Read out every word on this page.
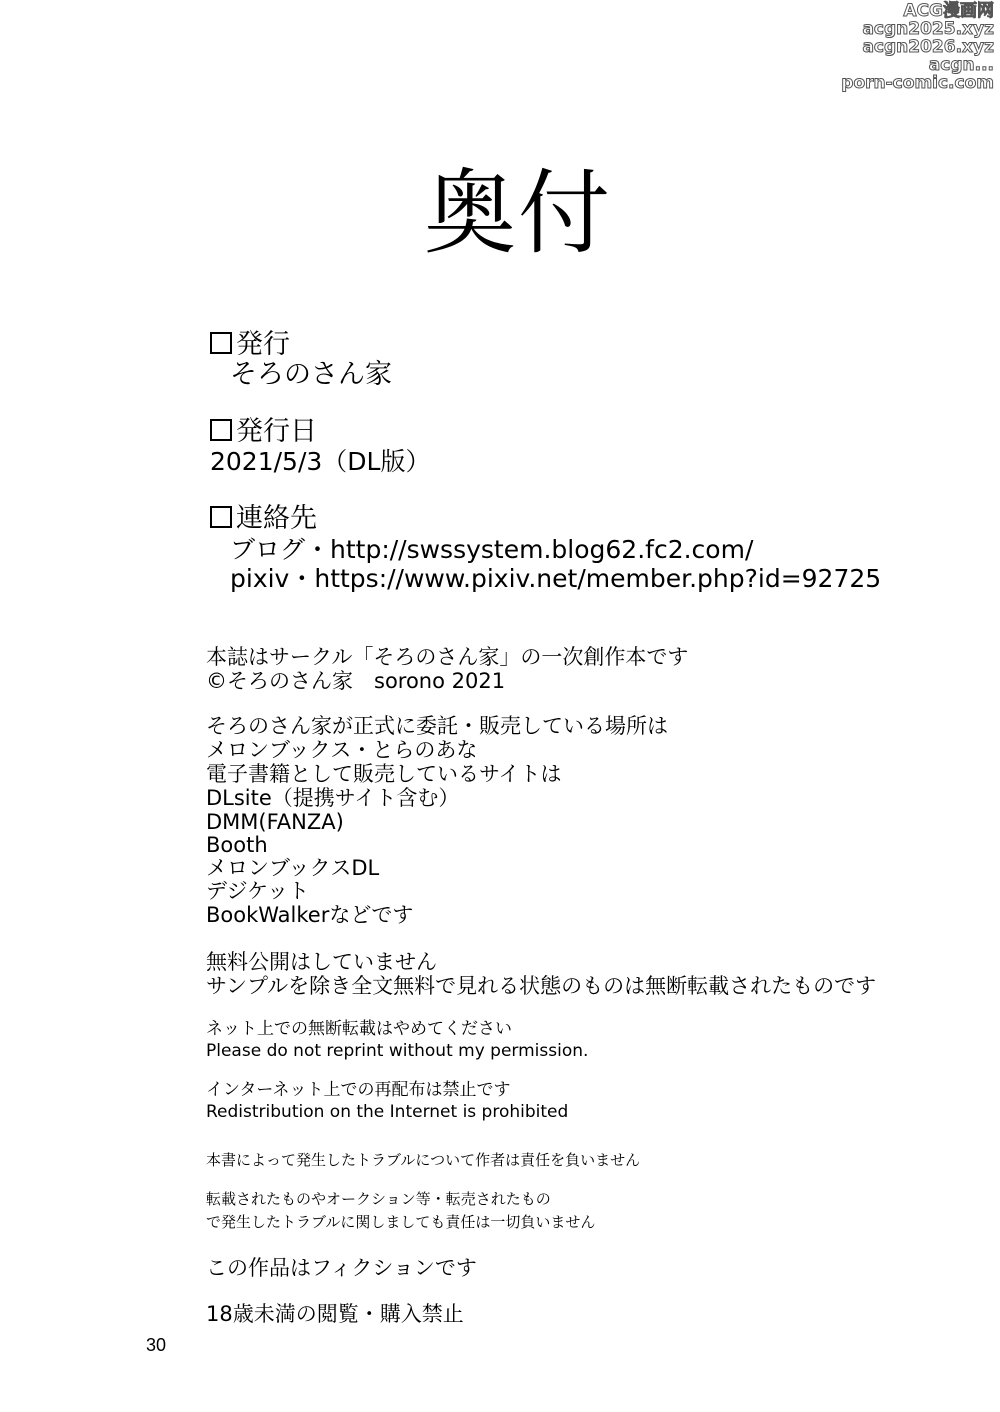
ACG漫画网
acgn2025.xyz
acgn2026.xyz
acgn...
porn-comic.com
奥付
発行
そろのさん家
発行日
2021/5/3（DL版）
連絡先
ブログ・http://swssystem.blog62.fc2.com/
pixiv・https://www.pixiv.net/member.php?id=92725
本誌はサークル「そろのさん家」の一次創作本です
©そろのさん家　sorono 2021
そろのさん家が正式に委託・販売している場所は
メロンブックス・とらのあな
電子書籍として販売しているサイトは
DLsite（提携サイト含む）
DMM(FANZA)
Booth
メロンブックスDL
デジケット
BookWalkerなどです
無料公開はしていません
サンプルを除き全文無料で見れる状態のものは無断転載されたものです
ネット上での無断転載はやめてください
Please do not reprint without my permission.
インターネット上での再配布は禁止です
Redistribution on the Internet is prohibited
本書によって発生したトラブルについて作者は責任を負いません
転載されたものやオークション等・転売されたもの
で発生したトラブルに関しましても責任は一切負いません
この作品はフィクションです
18歳未満の閲覧・購入禁止
30
